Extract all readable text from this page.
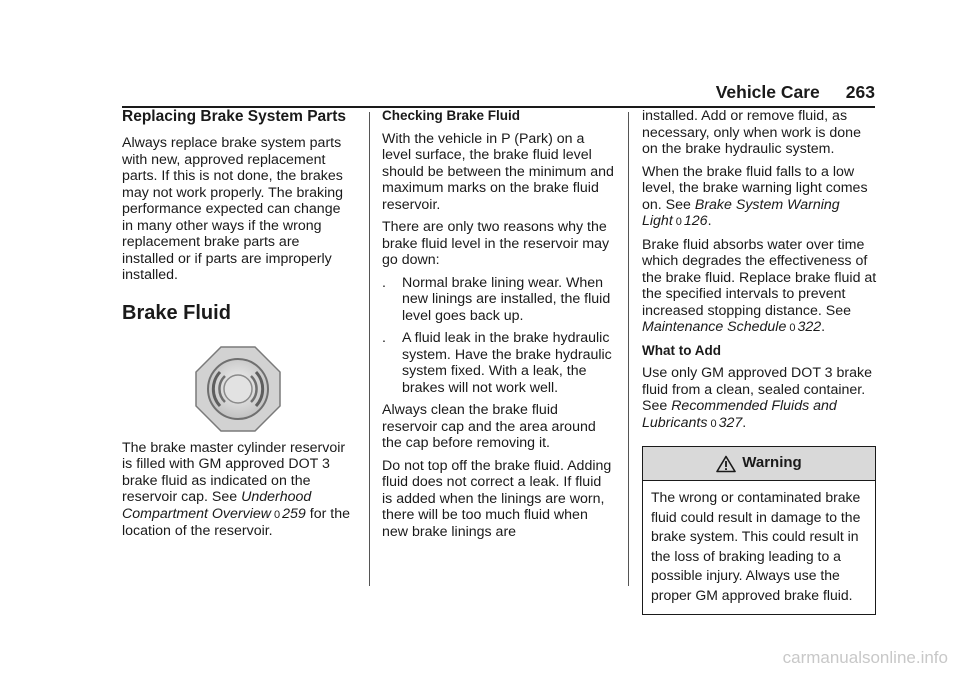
Vehicle Care 263
Replacing Brake System Parts

Always replace brake system parts with new, approved replacement parts. If this is not done, the brakes may not work properly. The braking performance expected can change in many other ways if the wrong replacement brake parts are installed or if parts are improperly installed.

Brake Fluid

The brake master cylinder reservoir is filled with GM approved DOT 3 brake fluid as indicated on the reservoir cap. See Underhood Compartment Overview 0 259 for the location of the reservoir.

Checking Brake Fluid

With the vehicle in P (Park) on a level surface, the brake fluid level should be between the minimum and maximum marks on the brake fluid reservoir.

There are only two reasons why the brake fluid level in the reservoir may go down:

. Normal brake lining wear. When new linings are installed, the fluid level goes back up.
. A fluid leak in the brake hydraulic system. Have the brake hydraulic system fixed. With a leak, the brakes will not work well.

Always clean the brake fluid reservoir cap and the area around the cap before removing it.

Do not top off the brake fluid. Adding fluid does not correct a leak. If fluid is added when the linings are worn, there will be too much fluid when new brake linings are

installed. Add or remove fluid, as necessary, only when work is done on the brake hydraulic system.

When the brake fluid falls to a low level, the brake warning light comes on. See Brake System Warning Light 0 126.

Brake fluid absorbs water over time which degrades the effectiveness of the brake fluid. Replace brake fluid at the specified intervals to prevent increased stopping distance. See Maintenance Schedule 0 322.

What to Add

Use only GM approved DOT 3 brake fluid from a clean, sealed container. See Recommended Fluids and Lubricants 0 327.

Warning
The wrong or contaminated brake fluid could result in damage to the brake system. This could result in the loss of braking leading to a possible injury. Always use the proper GM approved brake fluid.
carmanualsonline.info
